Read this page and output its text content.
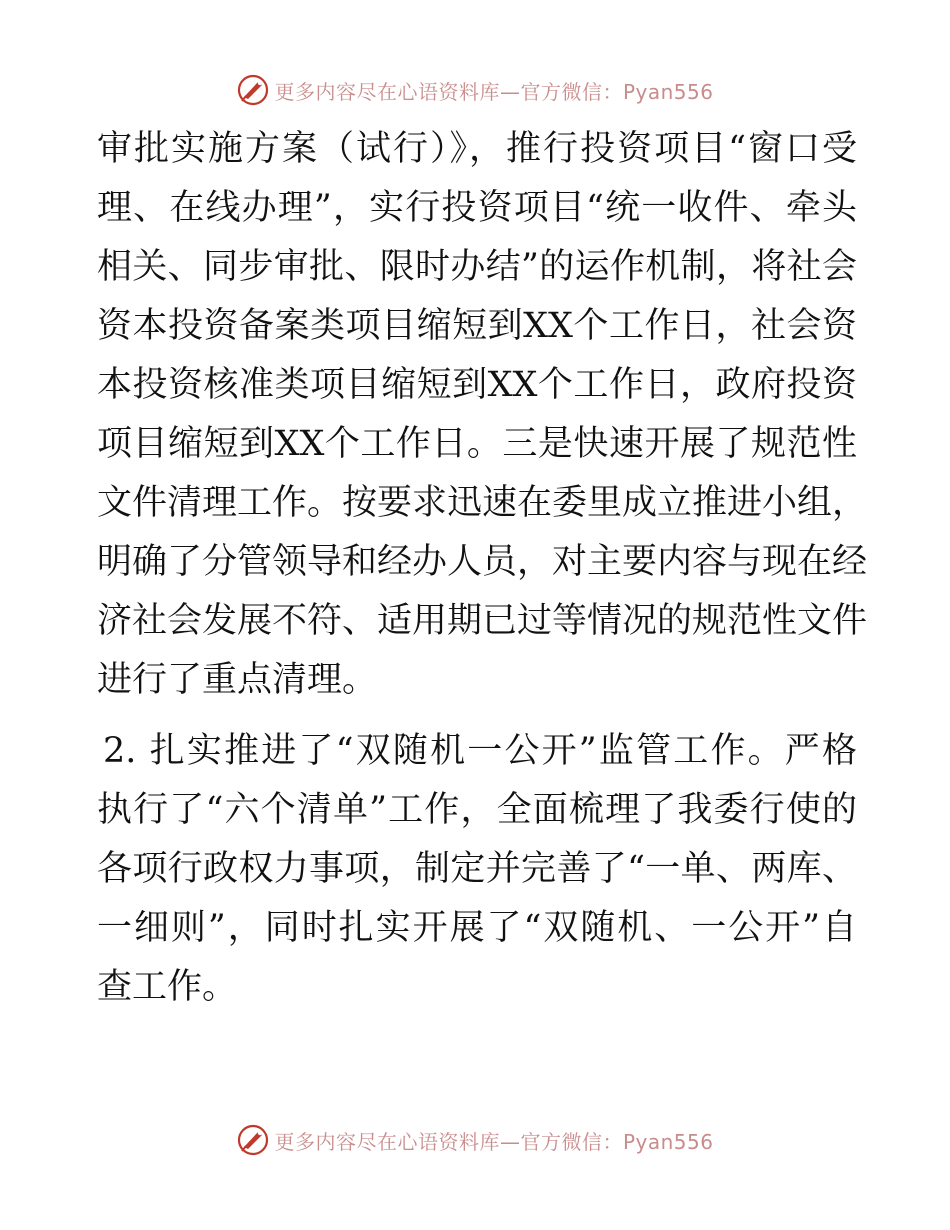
更多内容尽在心语资料库—官方微信：Pyan556
审批实施方案（试行）》，推行投资项目“窗口受
理、在线办理”，实行投资项目“统一收件、牵头
相关、同步审批、限时办结”的运作机制，将社会
资本投资备案类项目缩短到XX个工作日，社会资
本投资核准类项目缩短到XX个工作日，政府投资
项目缩短到XX个工作日。三是快速开展了规范性
文件清理工作。按要求迅速在委里成立推进小组，
明确了分管领导和经办人员，对主要内容与现在经
济社会发展不符、适用期已过等情况的规范性文件
进行了重点清理。
2. 扎实推进了“双随机一公开”监管工作。严格
执行了“六个清单”工作，全面梳理了我委行使的
各项行政权力事项，制定并完善了“一单、两库、
一细则”，同时扎实开展了“双随机、一公开”自
查工作。
更多内容尽在心语资料库—官方微信：Pyan556
